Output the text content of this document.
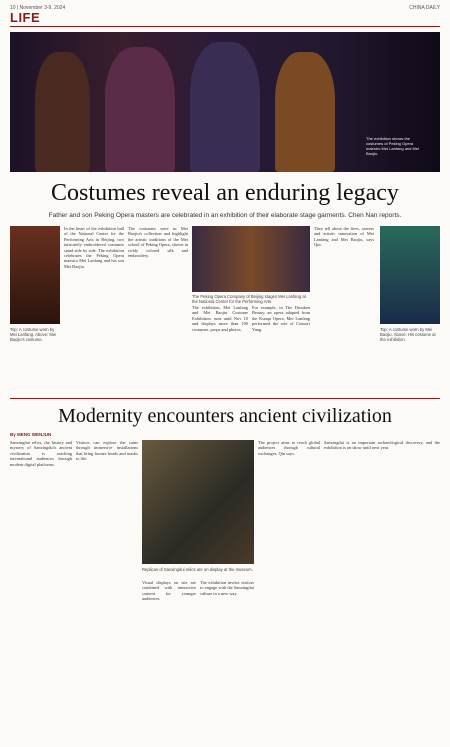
10 | November 3-9, 2024
LIFE
CHINA DAILY
The exhibition shows the costumes of Peking Opera maestro Mei Lanfang and Mei Baojiu.
Costumes reveal an enduring legacy
Father and son Peking Opera masters are celebrated in an exhibition of their elaborate stage garments. Chen Nan reports.
Top: A costume worn by Mei Lanfang. Above: Mei Baojiu's costume.
In the heart of the exhibition hall of the National Center for the Performing Arts in Beijing, two intricately embroidered costumes stand side by side. The exhibition celebrates the Peking Opera maestro Mei Lanfang and his son Mei Baojiu.
The costumes were in Mei Baojiu's collection and highlight the artistic traditions of the Mei school of Peking Opera, shown in richly colored silk and embroidery.
The Peking Opera Company of Beijing stages Mei Lanfang at the National Center for the Performing Arts.
The exhibition, Mei Lanfang and Mei Baojiu Costume Exhibition, runs until Nov 10 and displays more than 100 costumes, props and photos.
For example, in The Drunken Beauty, an opera adapted from the Kunqu Opera, Mei Lanfang performed the role of Consort Yang.
They tell about the lives, careers and artistic innovation of Mei Lanfang and Mei Baojiu, says Qin.
Top: A costume worn by Mei Baojiu. Above: His costume at the exhibition.
Modernity encounters ancient civilization
By MENG WENJUN
Sanxingdui relics, the history and mystery of Sanxingdui's ancient civilization is reaching international audiences through modern digital platforms.
Visitors can explore the ruins through immersive installations that bring bronze heads and masks to life.
Replicas of Sanxingdui relics are on display at the museum.
Visual displays on site are combined with interactive content for younger audiences.
The exhibition invites visitors to engage with the Sanxingdui culture in a new way.
The project aims to reach global audiences through cultural exchanges, Qin says.
Sanxingdui is an important archaeological discovery, and the exhibition is on show until next year.
